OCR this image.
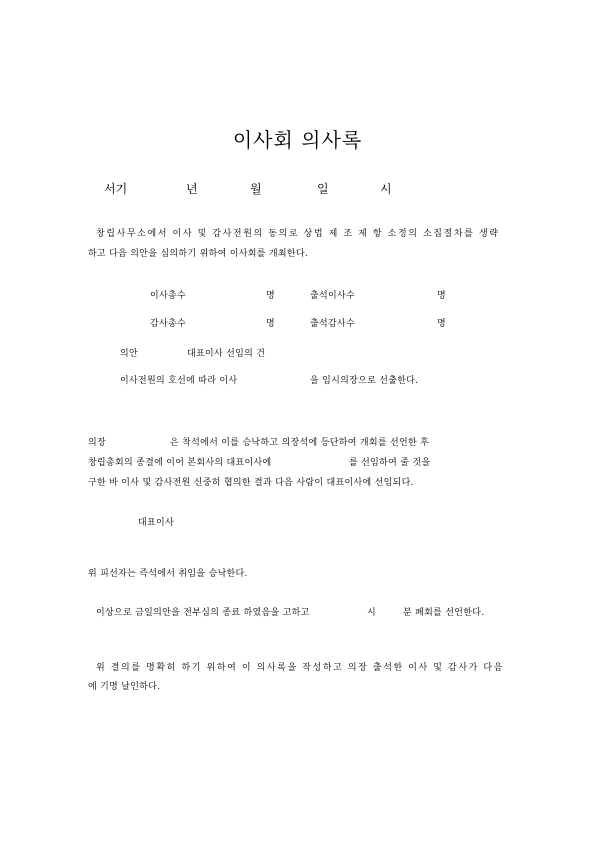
이사회 의사록
서기	년	월	일	시
창립사무소에서 이사 및 감사전원의 동의로 상법 제 조 제 항 소정의 소집절차를 생략
하고 다음 의안을 심의하기 위하여 이사회를 개최한다.
이사총수	명	출석이사수	명
감사총수	명	출석감사수	명
의안	대표이사 선임의 건
이사전원의 호선에 따라 이사	을 임시의장으로 선출한다.
의장	은 착석에서 이를 승낙하고 의장석에 등단하여 개회를 선언한 후
창립총회의 종결에 이어 본회사의 대표이사에	를 선임하여 줄 것을
구한 바 이사 및 감사전원 신중히 협의한 결과 다음 사람이 대표이사에 선임되다.
대표이사
위 피선자는 즉석에서 취임을 승낙한다.
이상으로 금일의안을 전부심의 종료 하였음을 고하고	시	분 폐회를 선언한다.
위 결의를 명확히 하기 위하여 이 의사록을 작성하고 의장 출석한 이사 및 감사가 다음
에 기명 날인하다.
